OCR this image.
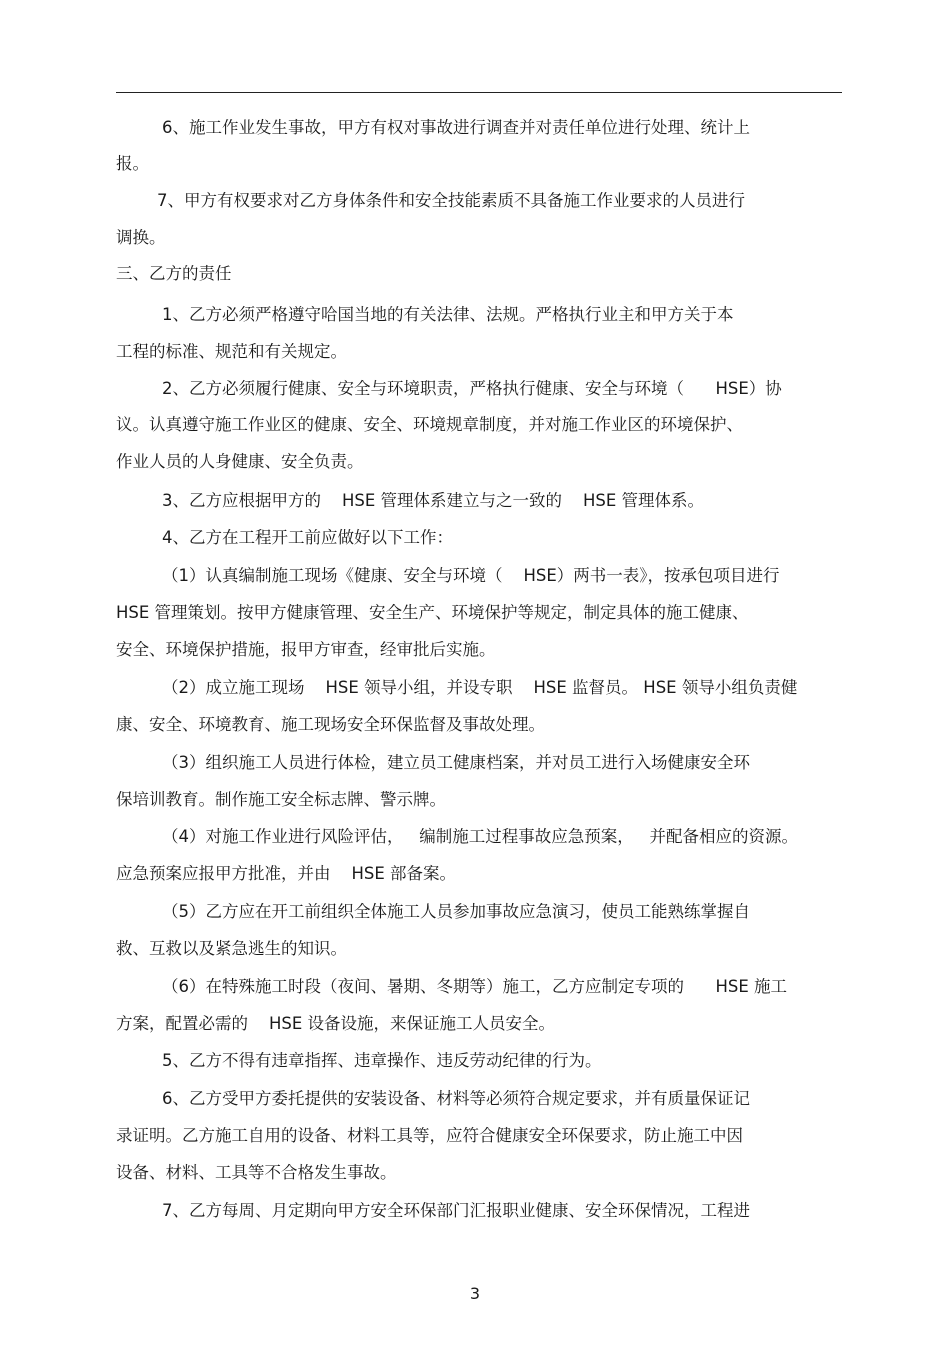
6、施工作业发生事故，甲方有权对事故进行调查并对责任单位进行处理、统计上
报。
7、甲方有权要求对乙方身体条件和安全技能素质不具备施工作业要求的人员进行
调换。
三、乙方的责任
1、乙方必须严格遵守哈国当地的有关法律、法规。严格执行业主和甲方关于本
工程的标准、规范和有关规定。
2、乙方必须履行健康、安全与环境职责，严格执行健康、安全与环境（      HSE）协
议。认真遵守施工作业区的健康、安全、环境规章制度，并对施工作业区的环境保护、
作业人员的人身健康、安全负责。
3、乙方应根据甲方的    HSE 管理体系建立与之一致的    HSE 管理体系。
4、乙方在工程开工前应做好以下工作：
（1）认真编制施工现场《健康、安全与环境（    HSE）两书一表》，按承包项目进行
HSE 管理策划。按甲方健康管理、安全生产、环境保护等规定，制定具体的施工健康、
安全、环境保护措施，报甲方审查，经审批后实施。
（2）成立施工现场    HSE 领导小组，并设专职    HSE 监督员。 HSE 领导小组负责健
康、安全、环境教育、施工现场安全环保监督及事故处理。
（3）组织施工人员进行体检，建立员工健康档案，并对员工进行入场健康安全环
保培训教育。制作施工安全标志牌、警示牌。
（4）对施工作业进行风险评估，   编制施工过程事故应急预案，   并配备相应的资源。
应急预案应报甲方批准，并由    HSE 部备案。
（5）乙方应在开工前组织全体施工人员参加事故应急演习，使员工能熟练掌握自
救、互救以及紧急逃生的知识。
（6）在特殊施工时段（夜间、暑期、冬期等）施工，乙方应制定专项的      HSE 施工
方案，配置必需的    HSE 设备设施，来保证施工人员安全。
5、乙方不得有违章指挥、违章操作、违反劳动纪律的行为。
6、乙方受甲方委托提供的安装设备、材料等必须符合规定要求，并有质量保证记
录证明。乙方施工自用的设备、材料工具等，应符合健康安全环保要求，防止施工中因
设备、材料、工具等不合格发生事故。
7、乙方每周、月定期向甲方安全环保部门汇报职业健康、安全环保情况，工程进
3
